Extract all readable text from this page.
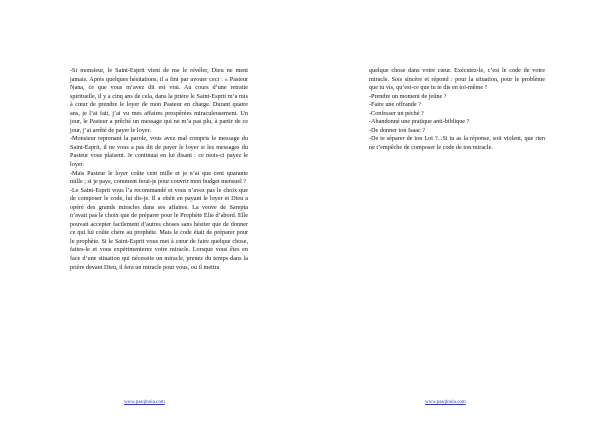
-Si monsieur, le Saint-Esprit vient de me le révéler, Dieu ne ment jamais. Après quelques hésitations, il a fini par avouer ceci : « Pasteur Nana, ce que vous m’avez dit est vrai. Au cours d’une retraite spirituelle, il y a cinq ans de cela, dans la prière le Saint-Esprit m’a mis à cœur de prendre le loyer de mon Pasteur en charge. Durant quatre ans, je l’ai fait, j’ai vu mes affaires prospérées miraculeusement. Un jour, le Pasteur a prêché un message qui ne m’a pas plu, à partir de ce jour, j’ai arrêté de payer le loyer.

-Monsieur reprenant la parole, vous avez mal compris le message du Saint-Esprit, il ne vous a pas dit de payer le loyer si les messages du Pasteur vous plaisent. Je continuai en lui disant : ce mois-ci payez le loyer.

-Mais Pasteur le loyer coûte cent mille et je n’ai que cent quarante mille ; si je paye, comment ferai-je pour couvrir mon budget mensuel ?

-Le Saint-Esprit vous l’a recommandé et vous n’avez pas le choix que de composer le code, lui dis-je. Il a obéit en payant le loyer et Dieu a opéré des grands miracles dans ses affaires. La veuve de Sarepta n’avait pas le choix que de préparer pour le Prophète Elie d’abord. Elle pouvait accepter facilement d’autres choses sans hésiter que de donner ce qui lui coûte chère au prophète. Mais le code était de préparer pour le prophète. Si le Saint-Esprit vous met à cœur de faire quelque chose, faites-le et vous expérimenterez votre miracle. Lorsque vous êtes en face d’une situation qui nécessite un miracle, prenez du temps dans la prière devant Dieu, il fera un miracle pour vous, ou il mettra

www.pasqlnola.com

quelque chose dans votre cœur. Exécutez-le, c’est le code de votre miracle. Sois sincère et répond : pour la situation, pour le problème que tu vis, qu’est-ce que tu te dis en toi-même ?

-Prendre un moment de jeûne ?

-Faire une offrande ?

-Confesser un péché ?

-Abandonné une pratique anti-biblique ?

-De donner ton Isaac ?

-De te séparer de ton Lot ?...Si tu as la réponse, soit violent, que rien ne t’empêche de composer le code de ton miracle.

www.pasqlnola.com
